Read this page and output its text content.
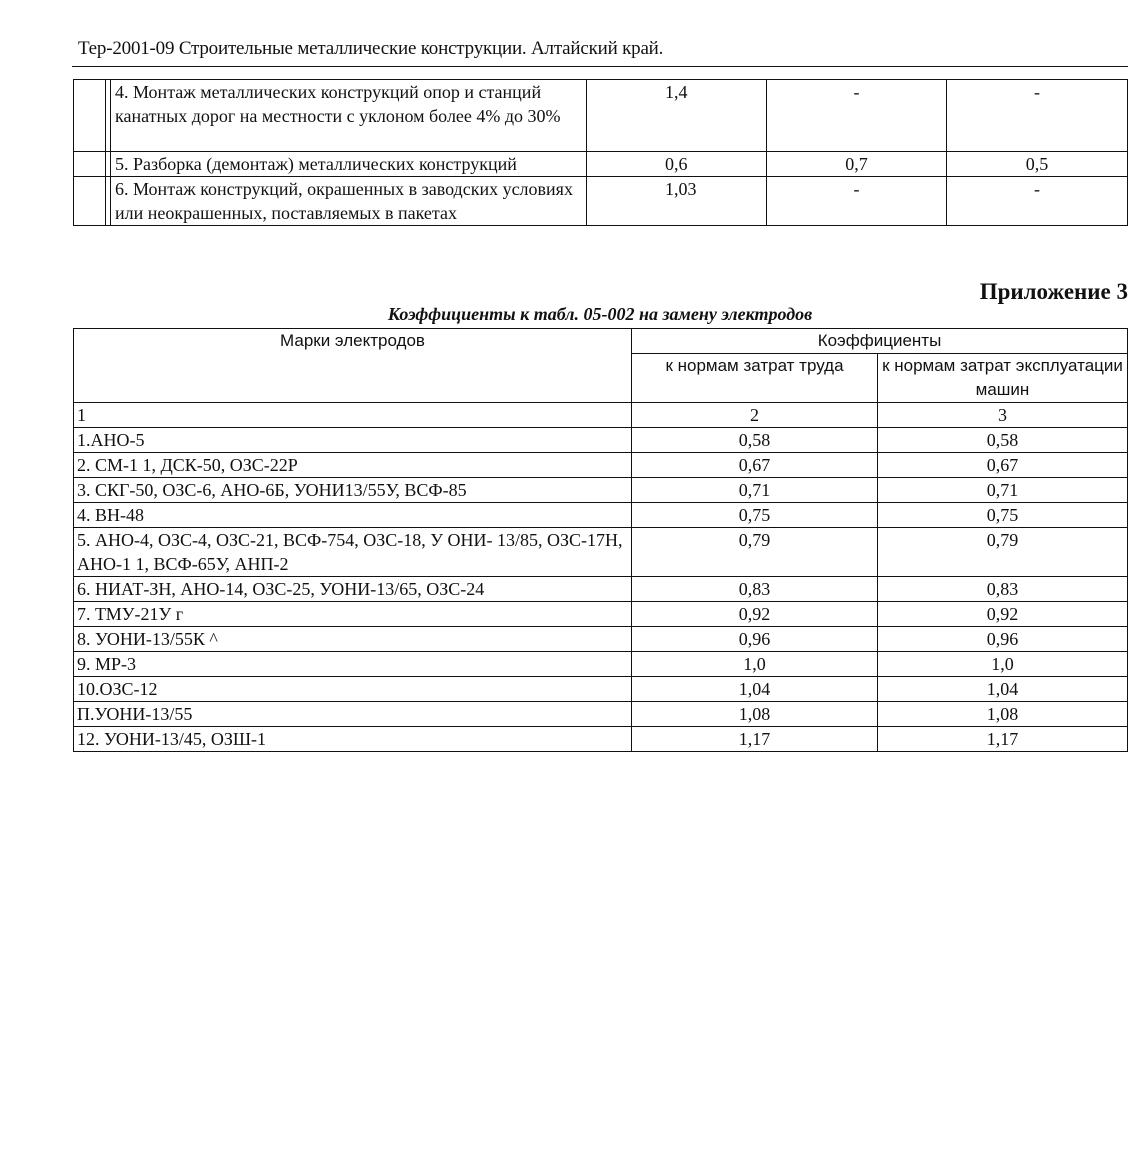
Тер-2001-09 Строительные металлические конструкции. Алтайский край.
	4. Монтаж металлических конструкций опор и станций канатных дорог на местности с уклоном более 4% до 30%	1,4	-	-
	5. Разборка (демонтаж) металлических конструкций	0,6	0,7	0,5
	6. Монтаж конструкций, окрашенных в заводских условиях или неокрашенных, поставляемых в пакетах	1,03	-	-
Приложение 3
Коэффициенты к табл. 05-002 на замену электродов
Марки электродов	Коэффициенты	
	к нормам затрат труда	к нормам затрат эксплуатации машин
1	2	3
1.АНО-5	0,58	0,58
2. СМ-1 1, ДСК-50, ОЗС-22Р	0,67	0,67
3. СКГ-50, ОЗС-6, АНО-6Б, УОНИ13/55У, ВСФ-85	0,71	0,71
4. ВН-48	0,75	0,75
5. АНО-4, ОЗС-4, ОЗС-21, ВСФ-754, ОЗС-18, У ОНИ- 13/85, ОЗС-17Н, АНО-1 1, ВСФ-65У, АНП-2	0,79	0,79
6. НИАТ-ЗН, АНО-14, ОЗС-25, УОНИ-13/65, ОЗС-24	0,83	0,83
7. ТМУ-21У г	0,92	0,92
8. УОНИ-13/55К ^	0,96	0,96
9. МР-3	1,0	1,0
10.ОЗС-12	1,04	1,04
П.УОНИ-13/55	1,08	1,08
12. УОНИ-13/45, ОЗШ-1	1,17	1,17
